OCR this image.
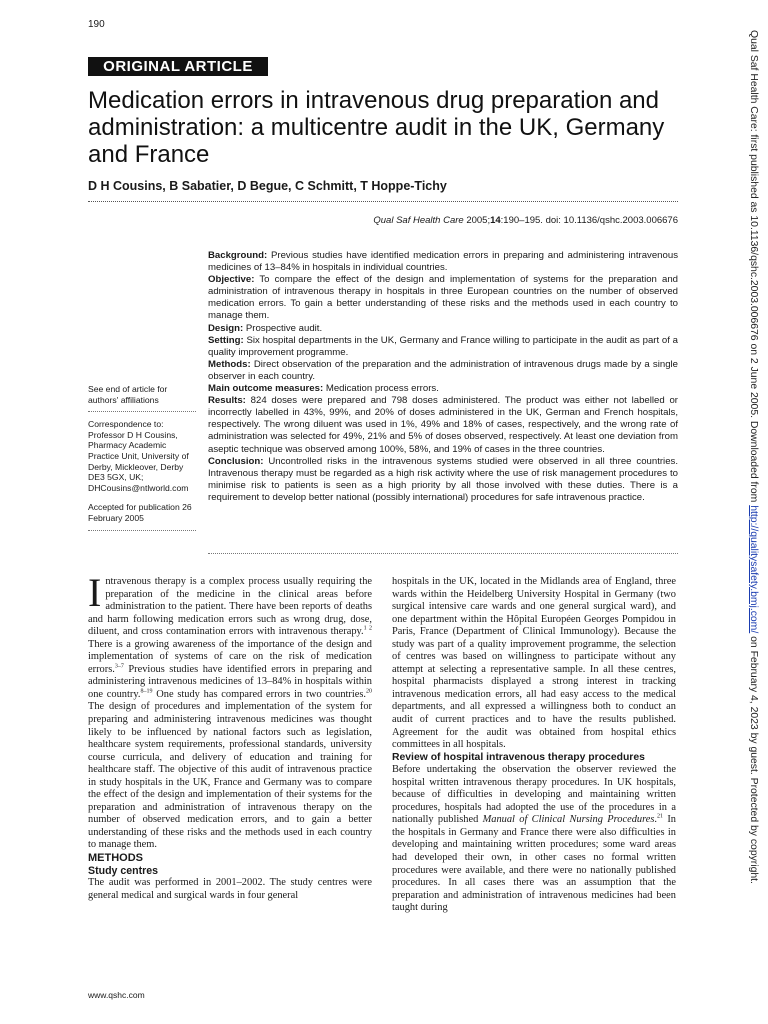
190
ORIGINAL ARTICLE
Medication errors in intravenous drug preparation and administration: a multicentre audit in the UK, Germany and France
D H Cousins, B Sabatier, D Begue, C Schmitt, T Hoppe-Tichy
Qual Saf Health Care 2005;14:190–195. doi: 10.1136/qshc.2003.006676

Background: Previous studies have identified medication errors in preparing and administering intravenous medicines of 13–84% in hospitals in individual countries.

Objective: To compare the effect of the design and implementation of systems for the preparation and administration of intravenous therapy in hospitals in three European countries on the number of observed medication errors. To gain a better understanding of these risks and the methods used in each country to manage them.

Design: Prospective audit.

Setting: Six hospital departments in the UK, Germany and France willing to participate in the audit as part of a quality improvement programme.

Methods: Direct observation of the preparation and the administration of intravenous drugs made by a single observer in each country.

Main outcome measures: Medication process errors.

Results: 824 doses were prepared and 798 doses administered. The product was either not labelled or incorrectly labelled in 43%, 99%, and 20% of doses administered in the UK, German and French hospitals, respectively. The wrong diluent was used in 1%, 49% and 18% of cases, respectively, and the wrong rate of administration was selected for 49%, 21% and 5% of doses observed, respectively. At least one deviation from aseptic technique was observed among 100%, 58%, and 19% of cases in the three countries.

Conclusion: Uncontrolled risks in the intravenous systems studied were observed in all three countries. Intravenous therapy must be regarded as a high risk activity where the use of risk management procedures to minimise risk to patients is seen as a high priority by all those involved with these duties. There is a requirement to develop better national (possibly international) procedures for safe intravenous practice.

See end of article for authors' affiliations

Correspondence to: Professor D H Cousins, Pharmacy Academic Practice Unit, University of Derby, Mickleover, Derby DE3 5GX, UK; DHCousins@ntlworld.com

Accepted for publication 26 February 2005

Intravenous therapy is a complex process usually requiring the preparation of the medicine in the clinical areas before administration to the patient. There have been reports of deaths and harm following medication errors such as wrong drug, dose, diluent, and cross contamination errors with intravenous therapy.$^{1 2}$ There is a growing awareness of the importance of the design and implementation of systems of care on the risk of medication errors.$^{3-7}$ Previous studies have identified errors in preparing and administering intravenous medicines of 13–84% in hospitals within one country.$^{8-19}$ One study has compared errors in two countries.$^{20}$ The design of procedures and implementation of the system for preparing and administering intravenous medicines was thought likely to be influenced by national factors such as legislation, healthcare system requirements, professional standards, university course curricula, and delivery of education and training for healthcare staff. The objective of this audit of intravenous practice in study hospitals in the UK, France and Germany was to compare the effect of the design and implementation of their systems for the preparation and administration of intravenous therapy on the number of observed medication errors, and to gain a better understanding of these risks and the methods used in each country to manage them.

METHODS

Study centres

The audit was performed in 2001–2002. The study centres were general medical and surgical wards in four general

hospitals in the UK, located in the Midlands area of England, three wards within the Heidelberg University Hospital in Germany (two surgical intensive care wards and one general surgical ward), and one department within the Hôpital Européen Georges Pompidou in Paris, France (Department of Clinical Immunology). Because the study was part of a quality improvement programme, the selection of centres was based on willingness to participate without any attempt at selecting a representative sample. In all these centres, hospital pharmacists displayed a strong interest in tracking intravenous medication errors, all had easy access to the medical departments, and all expressed a willingness both to conduct an audit of current practices and to have the results published. Agreement for the audit was obtained from hospital ethics committees in all hospitals.

Review of hospital intravenous therapy procedures

Before undertaking the observation the observer reviewed the hospital written intravenous therapy procedures. In UK hospitals, because of difficulties in developing and maintaining written procedures, hospitals had adopted the use of the procedures in a nationally published Manual of Clinical Nursing Procedures.$^{21}$ In the hospitals in Germany and France there were also difficulties in developing and maintaining written procedures; some ward areas had developed their own, in other cases no formal written procedures were available, and there were no nationally published procedures. In all cases there was an assumption that the preparation and administration of intravenous medicines had been taught during

www.qshc.com
Qual Saf Health Care: first published as 10.1136/qshc.2003.006676 on 2 June 2005. Downloaded from http://qualitysafety.bmj.com/ on February 4, 2023 by guest. Protected by copyright.
